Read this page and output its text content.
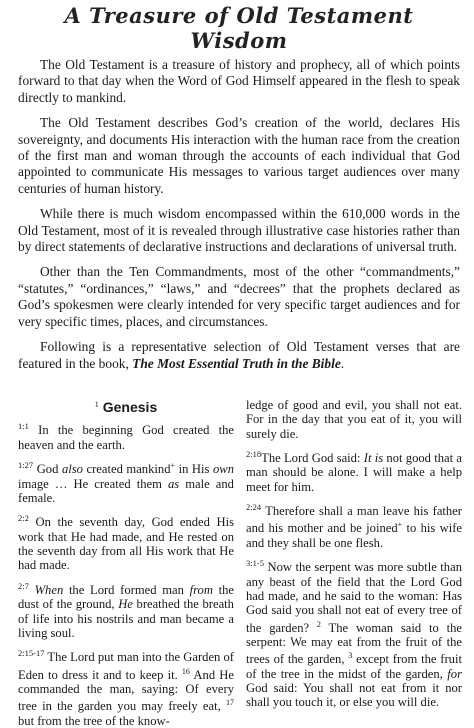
A Treasure of Old Testament Wisdom

The Old Testament is a treasure of history and prophecy, all of which points forward to that day when the Word of God Himself appeared in the flesh to speak directly to mankind.

The Old Testament describes God’s creation of the world, declares His sovereignty, and documents His interaction with the human race from the creation of the first man and woman through the accounts of each individual that God appointed to communicate His messages to various target audiences over many centuries of human history.

While there is much wisdom encompassed within the 610,000 words in the Old Testament, most of it is revealed through illustrative case histories rather than by direct statements of declarative instructions and declarations of universal truth.

Other than the Ten Commandments, most of the other “commandments,” “statutes,” “ordinances,” “laws,” and “decrees” that the prophets declared as God’s spokesmen were clearly intended for very specific target audiences and for very specific times, places, and circumstances.

Following is a representative selection of Old Testament verses that are featured in the book, The Most Essential Truth in the Bible.

$^1$ Genesis

$^{1:1}$ In the beginning God created the heaven and the earth.

$^{1:27}$ God also created mankind+ in His own image … He created them as male and female.

$^{2:2}$ On the seventh day, God ended His work that He had made, and He rested on the seventh day from all His work that He had made.

$^{2:7}$ When the Lord formed man from the dust of the ground, He breathed the breath of life into his nostrils and man became a living soul.

$^{2:15-17}$ The Lord put man into the Garden of Eden to dress it and to keep it. $^{16}$ And He commanded the man, saying: Of every tree in the garden you may freely eat, $^{17}$ but from the tree of the know-

ledge of good and evil, you shall not eat. For in the day that you eat of it, you will surely die.

$^{2:18}$The Lord God said: It is not good that a man should be alone. I will make a help meet for him.

$^{2:24}$ Therefore shall a man leave his father and his mother and be joined+ to his wife and they shall be one flesh.

$^{3:1-5}$ Now the serpent was more subtle than any beast of the field that the Lord God had made, and he said to the woman: Has God said you shall not eat of every tree of the garden? $^2$ The woman said to the serpent: We may eat from the fruit of the trees of the garden, $^3$ except from the fruit of the tree in the midst of the garden, for God said: You shall not eat from it nor shall you touch it, or else you will die.
